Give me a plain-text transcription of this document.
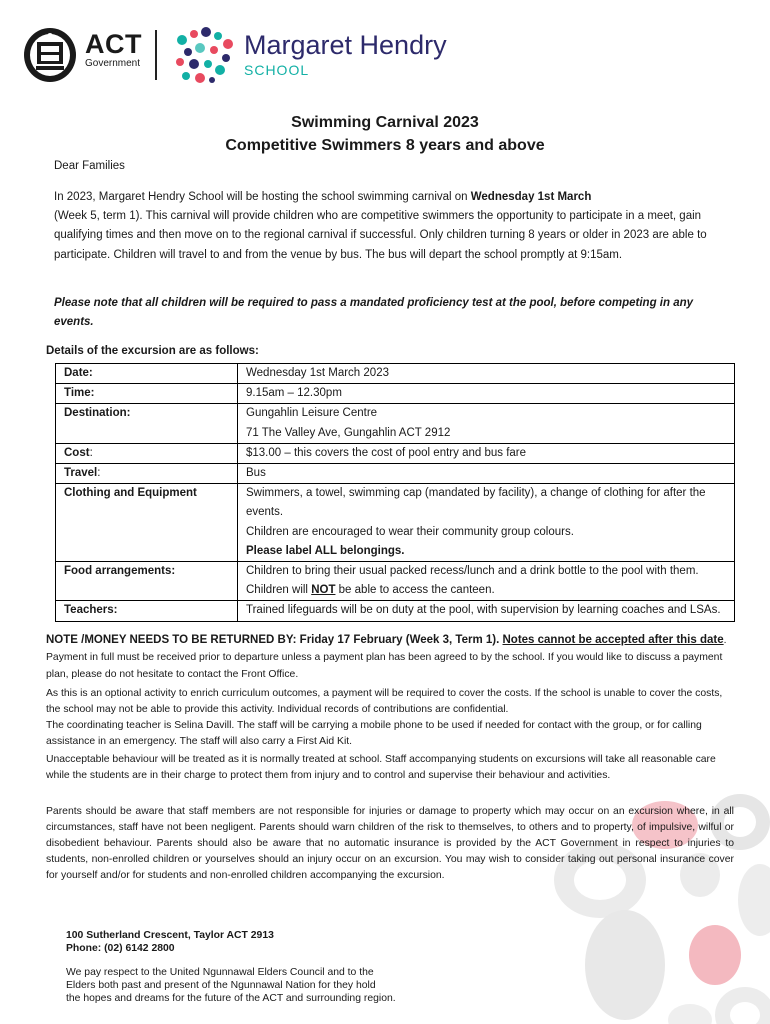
ACT
Government
Margaret Hendry
SCHOOL
Swimming Carnival 2023
Competitive Swimmers 8 years and above
Dear Families
In 2023, Margaret Hendry School will be hosting the school swimming carnival on Wednesday 1st March
(Week 5, term 1). This carnival will provide children who are competitive swimmers the opportunity to participate in a meet, gain qualifying times and then move on to the regional carnival if successful. Only children turning 8 years or older in 2023 are able to participate. Children will travel to and from the venue by bus. The bus will depart the school promptly at 9:15am.
Please note that all children will be required to pass a mandated proficiency test at the pool, before competing in any events.
Details of the excursion are as follows:
Date:	Wednesday 1st March 2023
Time:	9.15am – 12.30pm
Destination:	Gungahlin Leisure Centre
71 The Valley Ave, Gungahlin ACT 2912

Cost:	$13.00 – this covers the cost of pool entry and bus fare
Travel:	Bus
Clothing and Equipment	Swimmers, a towel, swimming cap (mandated by facility), a change of clothing for after the events.
Children are encouraged to wear their community group colours.
Please label ALL belongings.

Food arrangements:	Children to bring their usual packed recess/lunch and a drink bottle to the pool with them. Children will NOT be able to access the canteen.
Teachers:	Trained lifeguards will be on duty at the pool, with supervision by learning coaches and LSAs.
NOTE /MONEY NEEDS TO BE RETURNED BY: Friday 17 February (Week 3, Term 1). Notes cannot be accepted after this date. Payment in full must be received prior to departure unless a payment plan has been agreed to by the school. If you would like to discuss a payment plan, please do not hesitate to contact the Front Office.
As this is an optional activity to enrich curriculum outcomes, a payment will be required to cover the costs. If the school is unable to cover the costs, the school may not be able to provide this activity. Individual records of contributions are confidential.
The coordinating teacher is Selina Davill. The staff will be carrying a mobile phone to be used if needed for contact with the group, or for calling assistance in an emergency. The staff will also carry a First Aid Kit.
Unacceptable behaviour will be treated as it is normally treated at school. Staff accompanying students on excursions will take all reasonable care while the students are in their charge to protect them from injury and to control and supervise their behaviour and activities.
Parents should be aware that staff members are not responsible for injuries or damage to property which may occur on an excursion where, in all circumstances, staff have not been negligent. Parents should warn children of the risk to themselves, to others and to property, of impulsive, wilful or disobedient behaviour. Parents should also be aware that no automatic insurance is provided by the ACT Government in respect to injuries to students, non-enrolled children or yourselves should an injury occur on an excursion. You may wish to consider taking out personal insurance cover for yourself and/or for students and non-enrolled children accompanying the excursion.
100 Sutherland Crescent, Taylor ACT 2913
Phone: (02) 6142 2800
We pay respect to the United Ngunnawal Elders Council and to the
Elders both past and present of the Ngunnawal Nation for they hold
the hopes and dreams for the future of the ACT and surrounding region.
